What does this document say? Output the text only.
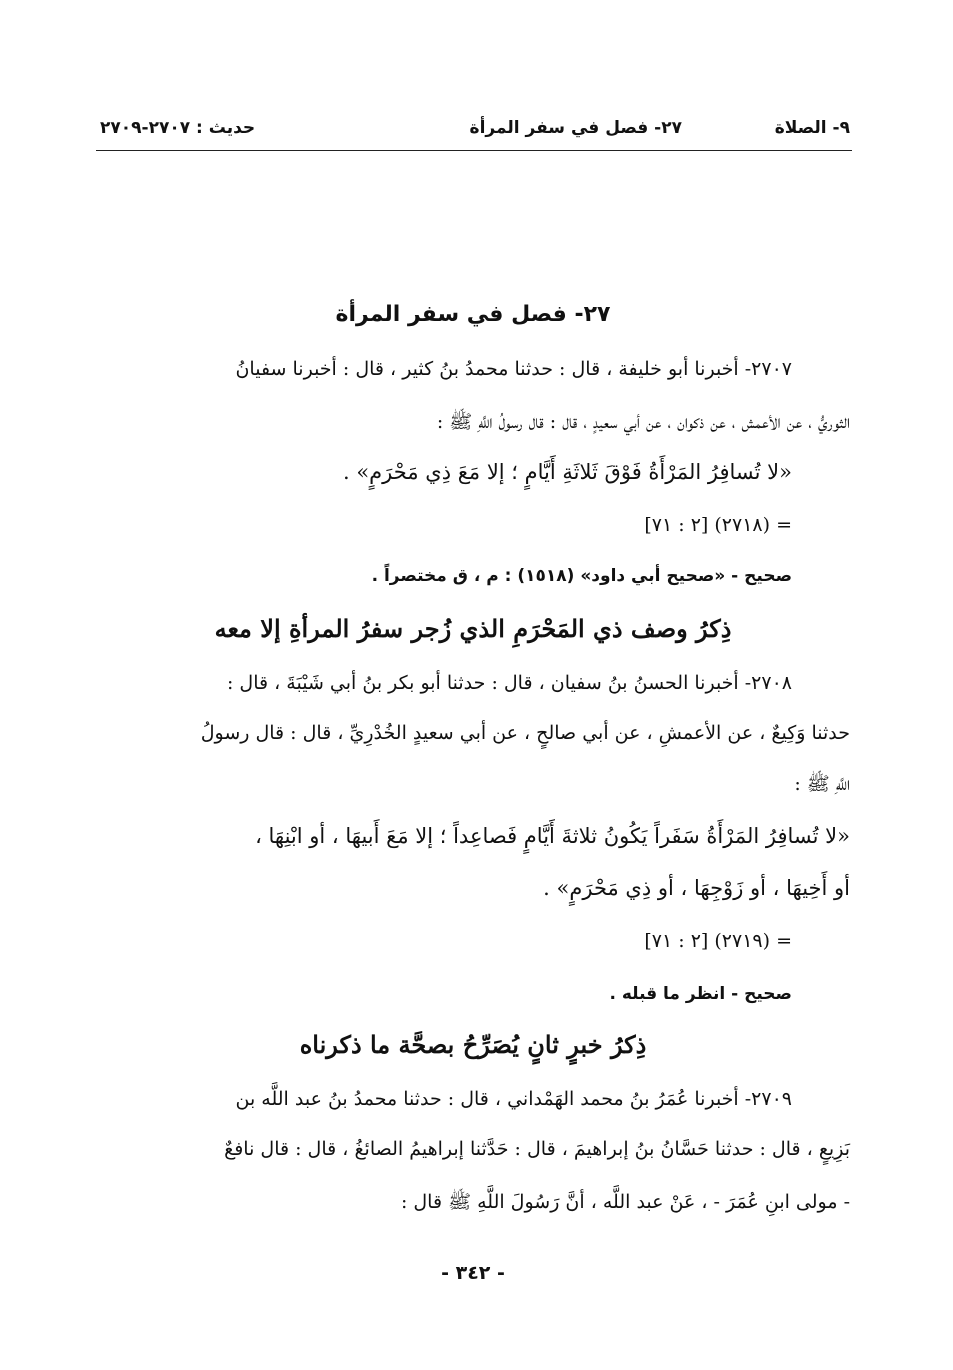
٩- الصلاة
٢٧- فصل في سفر المرأة
حديث : ٢٧٠٧-٢٧٠٩
٢٧- فصل في سفر المرأة
٢٧٠٧- أخبرنا أبو خليفة ، قال : حدثنا محمدُ بنُ كثير ، قال : أخبرنا سفيانُ
الثوريُّ ، عن الأعمش ، عن ذكوان ، عن أبي سعيدٍ ، قال : قال رسولُ اللَّهِ ﷺ :
«لا تُسافِرُ المَرْأَةُ فَوْقَ ثَلاثَةِ أَيَّامٍ ؛ إلا مَعَ ذِي مَحْرَمٍ» .
= (٢٧١٨) [٢ : ٧١]
صحيح - «صحيح أبي داود» (١٥١٨) : م ، ق مختصراً .
ذِكرُ وصف ذي المَحْرَمِ الذي زُجر سفرُ المرأةِ إلا معه
٢٧٠٨- أخبرنا الحسنُ بنُ سفيان ، قال : حدثنا أبو بكر بنُ أبي شَيْبَةَ ، قال :
حدثنا وَكِيعٌ ، عن الأعمشِ ، عن أبي صالحٍ ، عن أبي سعيدٍ الخُدْرِيِّ ، قال : قال رسولُ
اللَّهِ ﷺ :
«لا تُسافِرُ المَرْأَةُ سَفَراً يَكُونُ ثلاثةَ أَيَّامٍ فَصاعِداً ؛ إلا مَعَ أَبيهَا ، أو ابْنِهَا ،
أو أَخِيهَا ، أو زَوْجِهَا ، أو ذِي مَحْرَمٍ» .
= (٢٧١٩) [٢ : ٧١]
صحيح - انظر ما قبله .
ذِكرُ خبرٍ ثانٍ يُصَرِّحُ بصحَّة ما ذكرناه
٢٧٠٩- أخبرنا عُمَرُ بنُ محمد الهَمْداني ، قال : حدثنا محمدُ بنُ عبد اللَّه بن
بَزِيعٍ ، قال : حدثنا حَسَّانُ بنُ إبراهيمَ ، قال : حَدَّثنا إبراهيمُ الصائغُ ، قال : قال نافعٌ
- مولى ابنِ عُمَرَ - ، عَنْ عبد اللَّه ، أنَّ رَسُولَ اللَّهِ ﷺ قال :
- ٣٤٢ -
